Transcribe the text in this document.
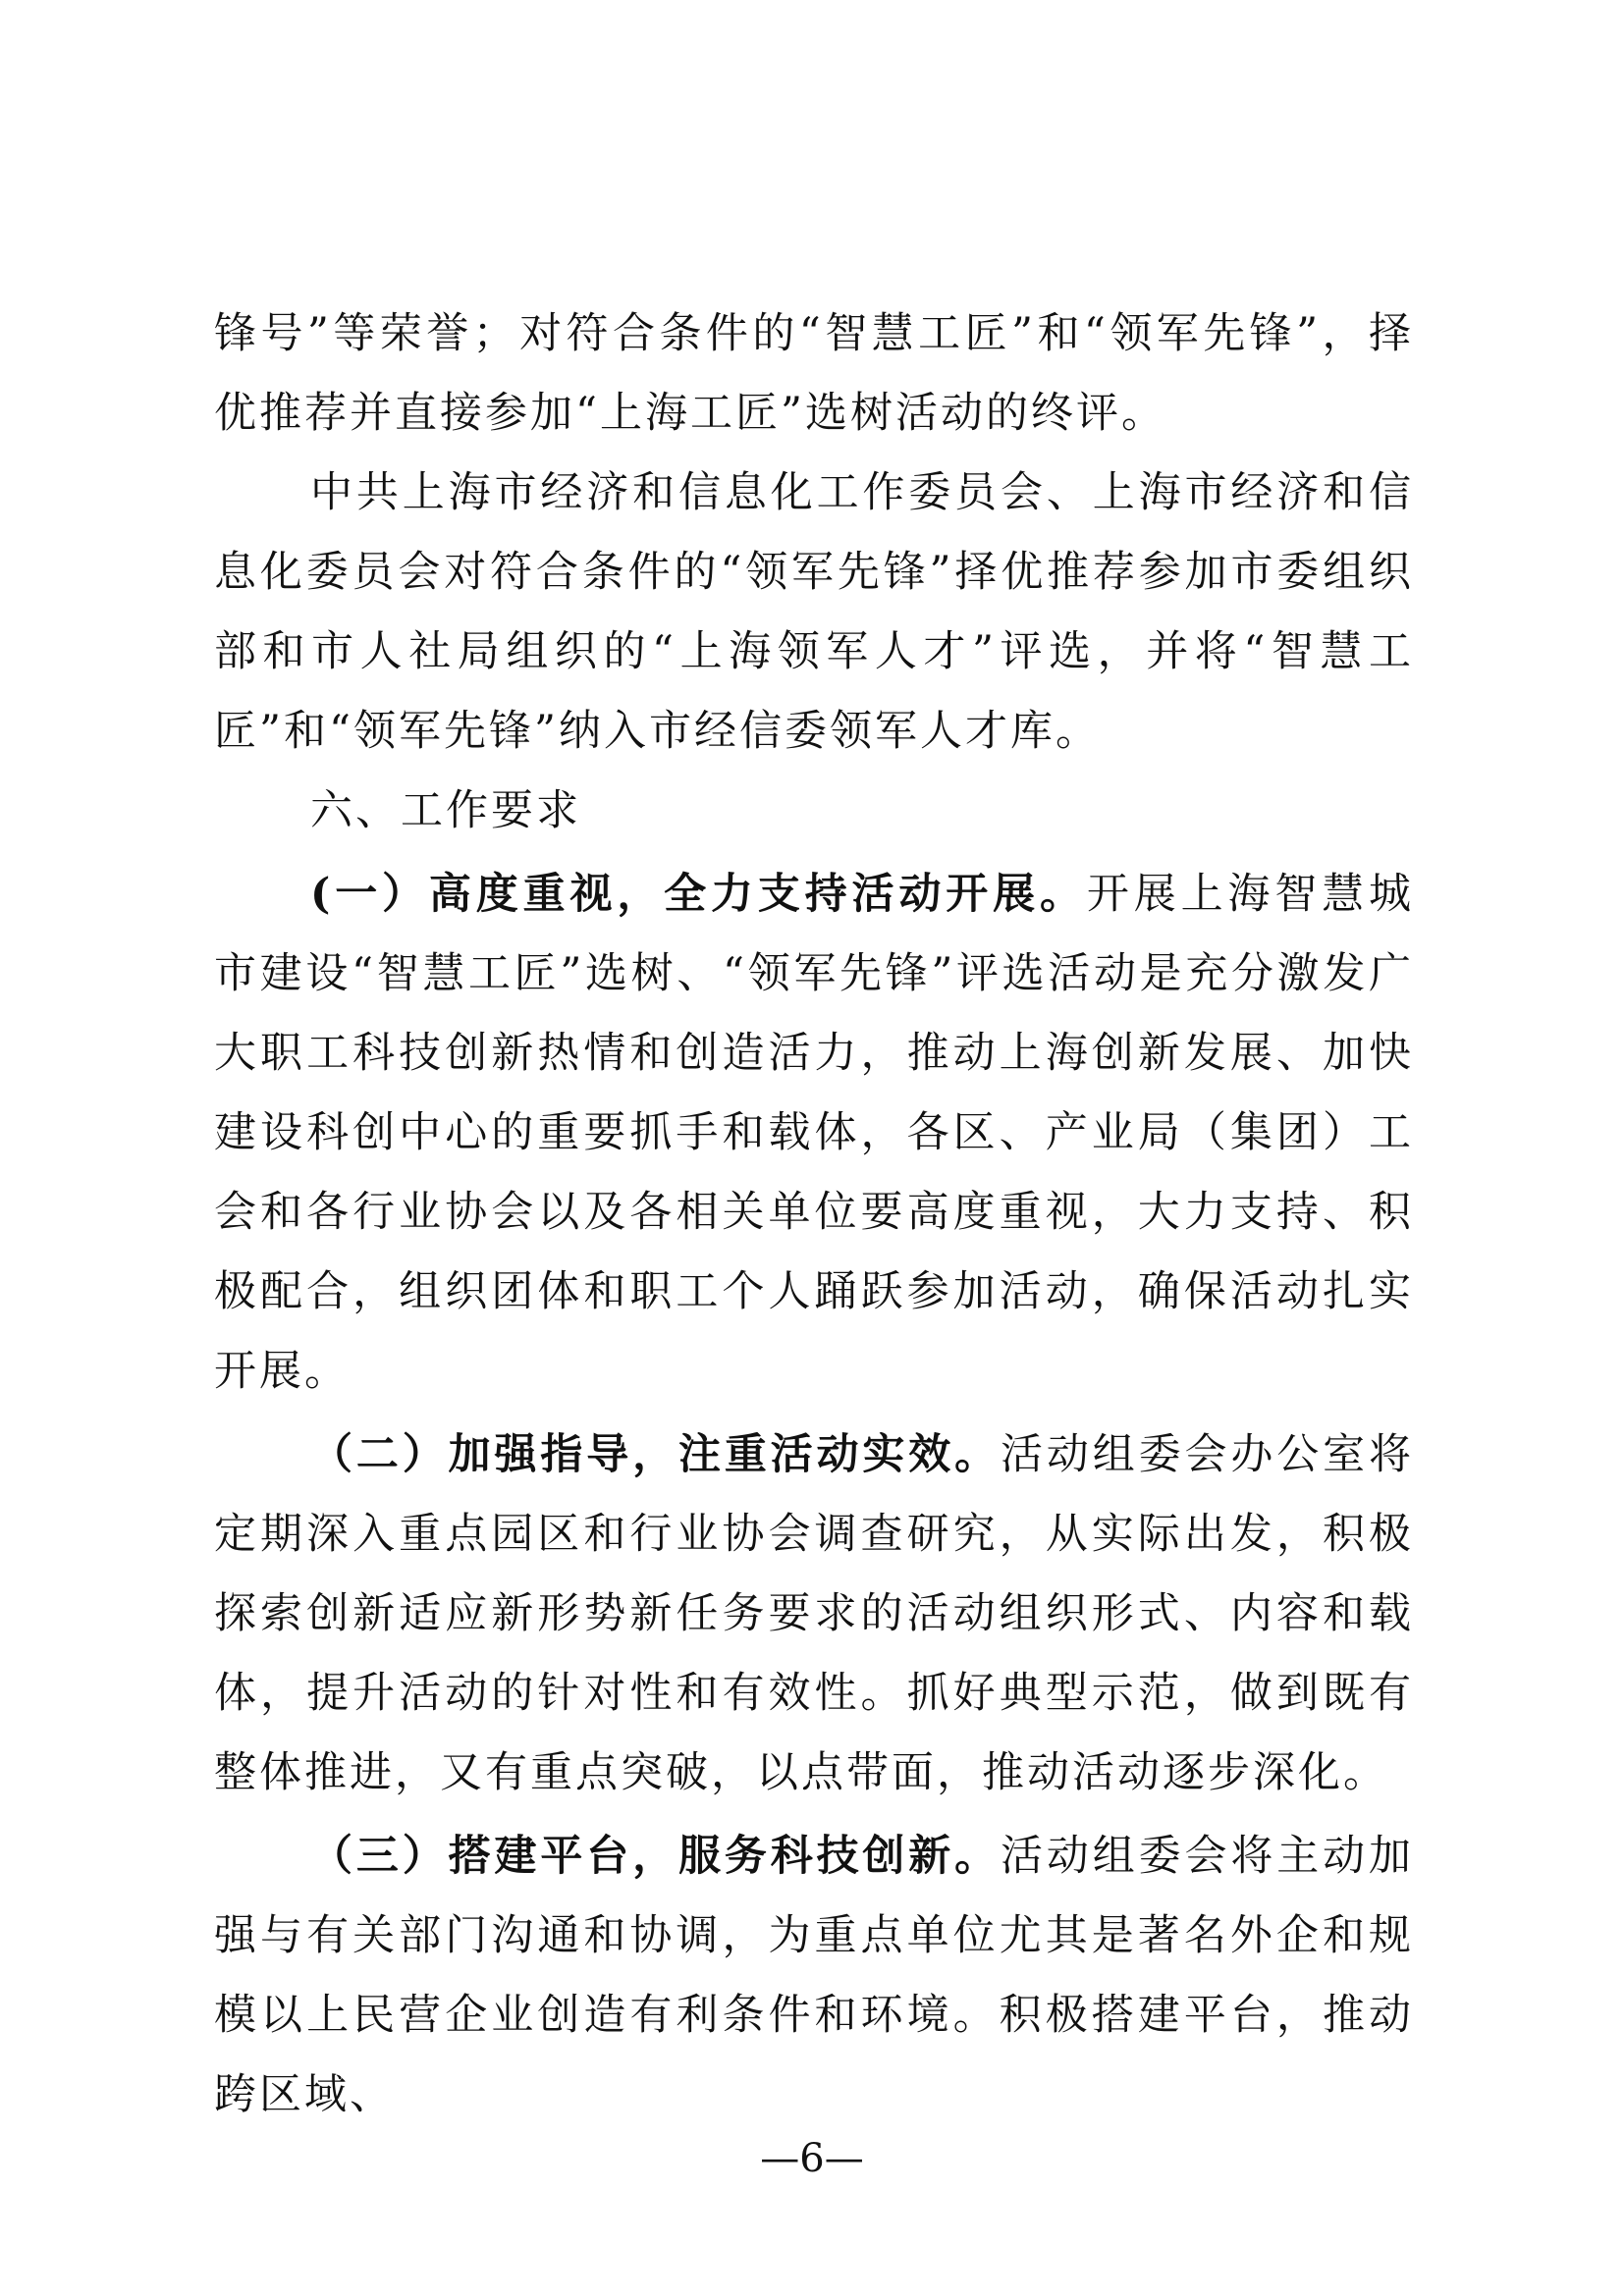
锋号”等荣誉；对符合条件的“智慧工匠”和“领军先锋”，择优推荐并直接参加“上海工匠”选树活动的终评。

中共上海市经济和信息化工作委员会、上海市经济和信息化委员会对符合条件的“领军先锋”择优推荐参加市委组织部和市人社局组织的“上海领军人才”评选，并将“智慧工匠”和“领军先锋”纳入市经信委领军人才库。

六、工作要求

(一）高度重视，全力支持活动开展。开展上海智慧城市建设“智慧工匠”选树、“领军先锋”评选活动是充分激发广大职工科技创新热情和创造活力，推动上海创新发展、加快建设科创中心的重要抓手和载体，各区、产业局（集团）工会和各行业协会以及各相关单位要高度重视，大力支持、积极配合，组织团体和职工个人踊跃参加活动，确保活动扎实开展。

（二）加强指导，注重活动实效。活动组委会办公室将定期深入重点园区和行业协会调查研究，从实际出发，积极探索创新适应新形势新任务要求的活动组织形式、内容和载体，提升活动的针对性和有效性。抓好典型示范，做到既有整体推进，又有重点突破，以点带面，推动活动逐步深化。

（三）搭建平台，服务科技创新。活动组委会将主动加强与有关部门沟通和协调，为重点单位尤其是著名外企和规模以上民营企业创造有利条件和环境。积极搭建平台，推动跨区域、

—6—
